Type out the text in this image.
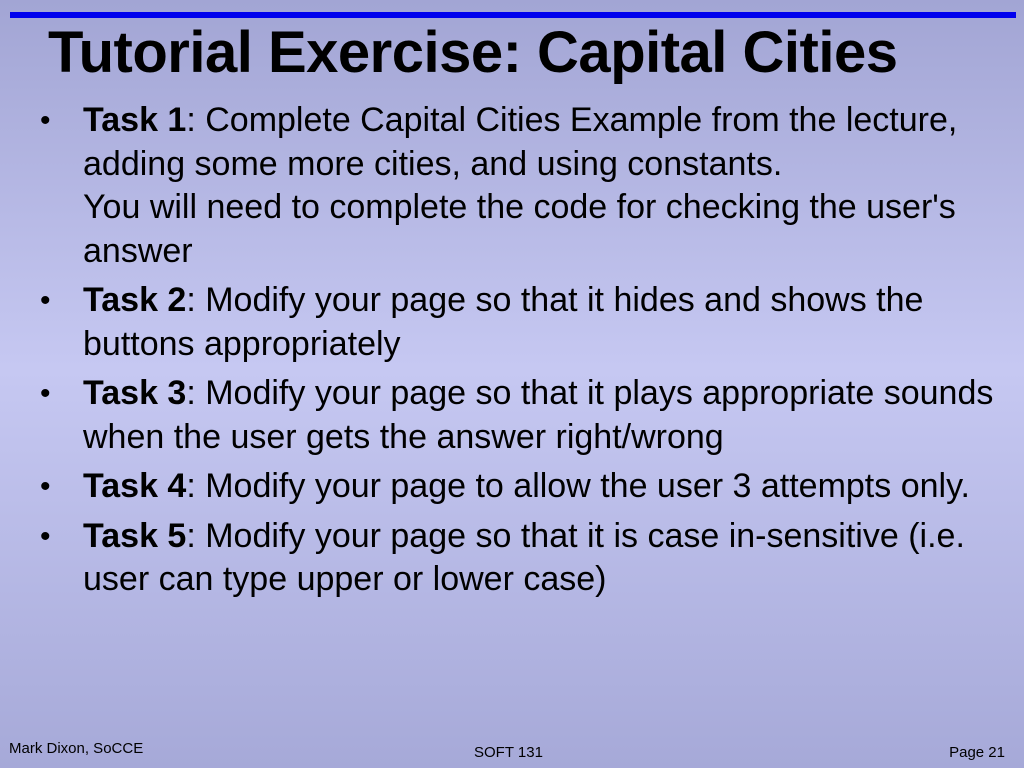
Tutorial Exercise: Capital Cities
• Task 1: Complete Capital Cities Example from the lecture, adding some more cities, and using constants.
You will need to complete the code for checking the user's answer
• Task 2: Modify your page so that it hides and shows the buttons appropriately
• Task 3: Modify your page so that it plays appropriate sounds when the user gets the answer right/wrong
• Task 4: Modify your page to allow the user 3 attempts only.
• Task 5: Modify your page so that it is case in-sensitive (i.e. user can type upper or lower case)
Mark Dixon, SoCCE	SOFT 131	Page 21
